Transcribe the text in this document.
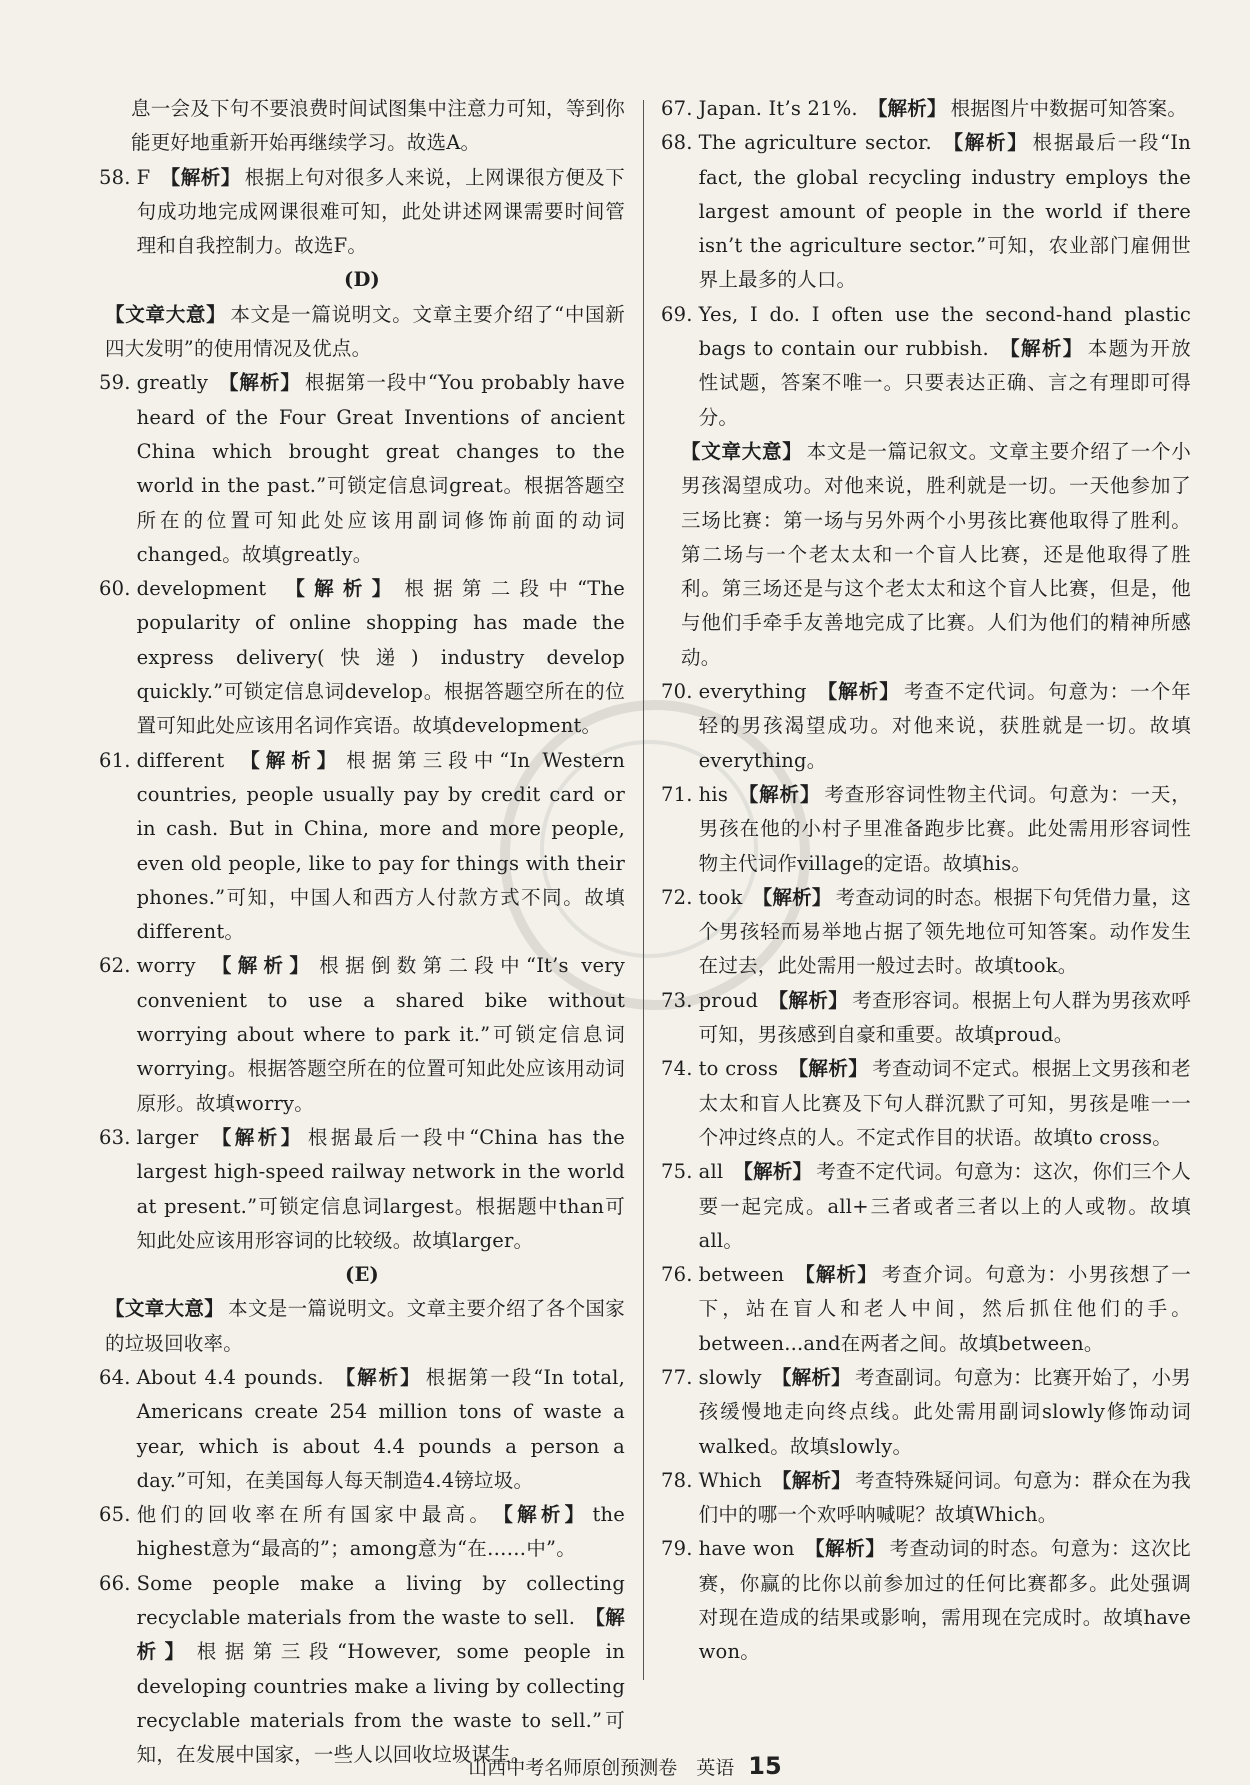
息一会及下句不要浪费时间试图集中注意力可知，等到你能更好地重新开始再继续学习。故选A。

58. F 【解析】 根据上句对很多人来说，上网课很方便及下句成功地完成网课很难可知，此处讲述网课需要时间管理和自我控制力。故选F。

(D)

【文章大意】 本文是一篇说明文。文章主要介绍了“中国新四大发明”的使用情况及优点。

59. greatly 【解析】 根据第一段中“You probably have heard of the Four Great Inventions of ancient China which brought great changes to the world in the past.”可锁定信息词great。根据答题空所在的位置可知此处应该用副词修饰前面的动词changed。故填greatly。
60. development 【解析】 根据第二段中“The popularity of online shopping has made the express delivery(快递) industry develop quickly.”可锁定信息词develop。根据答题空所在的位置可知此处应该用名词作宾语。故填development。
61. different 【解析】 根据第三段中“In Western countries, people usually pay by credit card or in cash. But in China, more and more people, even old people, like to pay for things with their phones.”可知，中国人和西方人付款方式不同。故填different。
62. worry 【解析】 根据倒数第二段中“It’s very convenient to use a shared bike without worrying about where to park it.”可锁定信息词worrying。根据答题空所在的位置可知此处应该用动词原形。故填worry。
63. larger 【解析】 根据最后一段中“China has the largest high-speed railway network in the world at present.”可锁定信息词largest。根据题中than可知此处应该用形容词的比较级。故填larger。

(E)

【文章大意】 本文是一篇说明文。文章主要介绍了各个国家的垃圾回收率。

64. About 4.4 pounds. 【解析】 根据第一段“In total, Americans create 254 million tons of waste a year, which is about 4.4 pounds a person a day.”可知，在美国每人每天制造4.4镑垃圾。
65. 他们的回收率在所有国家中最高。 【解析】 the highest意为“最高的”；among意为“在……中”。
66. Some people make a living by collecting recyclable materials from the waste to sell. 【解析】 根据第三段“However, some people in developing countries make a living by collecting recyclable materials from the waste to sell.”可知，在发展中国家，一些人以回收垃圾谋生。
67. Japan. It’s 21%. 【解析】 根据图片中数据可知答案。
68. The agriculture sector. 【解析】 根据最后一段“In fact, the global recycling industry employs the largest amount of people in the world if there isn’t the agriculture sector.”可知，农业部门雇佣世界上最多的人口。
69. Yes, I do. I often use the second-hand plastic bags to contain our rubbish. 【解析】 本题为开放性试题，答案不唯一。只要表达正确、言之有理即可得分。

【文章大意】 本文是一篇记叙文。文章主要介绍了一个小男孩渴望成功。对他来说，胜利就是一切。一天他参加了三场比赛：第一场与另外两个小男孩比赛他取得了胜利。第二场与一个老太太和一个盲人比赛，还是他取得了胜利。第三场还是与这个老太太和这个盲人比赛，但是，他与他们手牵手友善地完成了比赛。人们为他们的精神所感动。

70. everything 【解析】 考查不定代词。句意为：一个年轻的男孩渴望成功。对他来说，获胜就是一切。故填everything。
71. his 【解析】 考查形容词性物主代词。句意为：一天，男孩在他的小村子里准备跑步比赛。此处需用形容词性物主代词作village的定语。故填his。
72. took 【解析】 考查动词的时态。根据下句凭借力量，这个男孩轻而易举地占据了领先地位可知答案。动作发生在过去，此处需用一般过去时。故填took。
73. proud 【解析】 考查形容词。根据上句人群为男孩欢呼可知，男孩感到自豪和重要。故填proud。
74. to cross 【解析】 考查动词不定式。根据上文男孩和老太太和盲人比赛及下句人群沉默了可知，男孩是唯一一个冲过终点的人。不定式作目的状语。故填to cross。
75. all 【解析】 考查不定代词。句意为：这次，你们三个人要一起完成。all+三者或者三者以上的人或物。故填all。
76. between 【解析】 考查介词。句意为：小男孩想了一下，站在盲人和老人中间，然后抓住他们的手。between...and在两者之间。故填between。
77. slowly 【解析】 考查副词。句意为：比赛开始了，小男孩缓慢地走向终点线。此处需用副词slowly修饰动词walked。故填slowly。
78. Which 【解析】 考查特殊疑问词。句意为：群众在为我们中的哪一个欢呼呐喊呢？故填Which。
79. have won 【解析】 考查动词的时态。句意为：这次比赛，你赢的比你以前参加过的任何比赛都多。此处强调对现在造成的结果或影响，需用现在完成时。故填have won。
山西中考名师原创预测卷　英语 15
